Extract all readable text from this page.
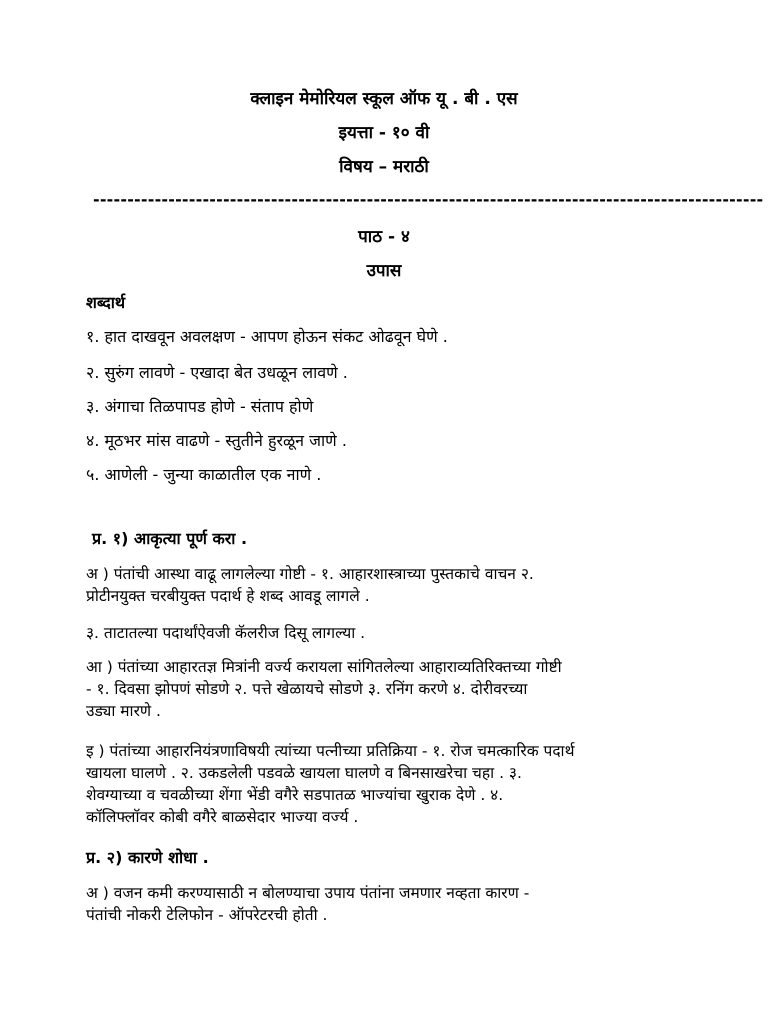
क्लाइन मेमोरियल स्कूल ऑफ यू . बी . एस
इयत्ता - १० वी
विषय – मराठी
--------------------------------------------------------------------------------------------------
पाठ - ४
उपास
शब्दार्थ
१. हात दाखवून अवलक्षण - आपण होऊन संकट ओढवून घेणे .
२. सुरुंग लावणे - एखादा बेत उधळून लावणे .
३. अंगाचा तिळपापड होणे - संताप होणे
४. मूठभर मांस वाढणे - स्तुतीने हुरळून जाणे .
५. आणेली - जुन्या काळातील एक नाणे .
प्र. १) आकृत्या पूर्ण करा .
अ ) पंतांची आस्था वाढू लागलेल्या गोष्टी - १. आहारशास्त्राच्या पुस्तकाचे वाचन २.
प्रोटीनयुक्त चरबीयुक्त पदार्थ हे शब्द आवडू लागले .
३. ताटातल्या पदार्थांऐवजी कॅलरीज दिसू लागल्या .
आ ) पंतांच्या आहारतज्ञ मित्रांनी वर्ज्य करायला सांगितलेल्या आहाराव्यतिरिक्तच्या गोष्टी
- १. दिवसा झोपणं सोडणे २. पत्ते खेळायचे सोडणे ३. रनिंग करणे ४. दोरीवरच्या
उड्या मारणे .
इ ) पंतांच्या आहारनियंत्रणाविषयी त्यांच्या पत्नीच्या प्रतिक्रिया - १. रोज चमत्कारिक पदार्थ
खायला घालणे . २. उकडलेली पडवळे खायला घालणे व बिनसाखरेचा चहा . ३.
शेवग्याच्या व चवळीच्या शेंगा भेंडी वगैरे सडपातळ भाज्यांचा खुराक देणे . ४.
कॉलिफ्लॉवर कोबी वगैरे बाळसेदार भाज्या वर्ज्य .
प्र. २) कारणे शोधा .
अ ) वजन कमी करण्यासाठी न बोलण्याचा उपाय पंतांना जमणार नव्हता कारण -
पंतांची नोकरी टेलिफोन - ऑपरेटरची होती .
